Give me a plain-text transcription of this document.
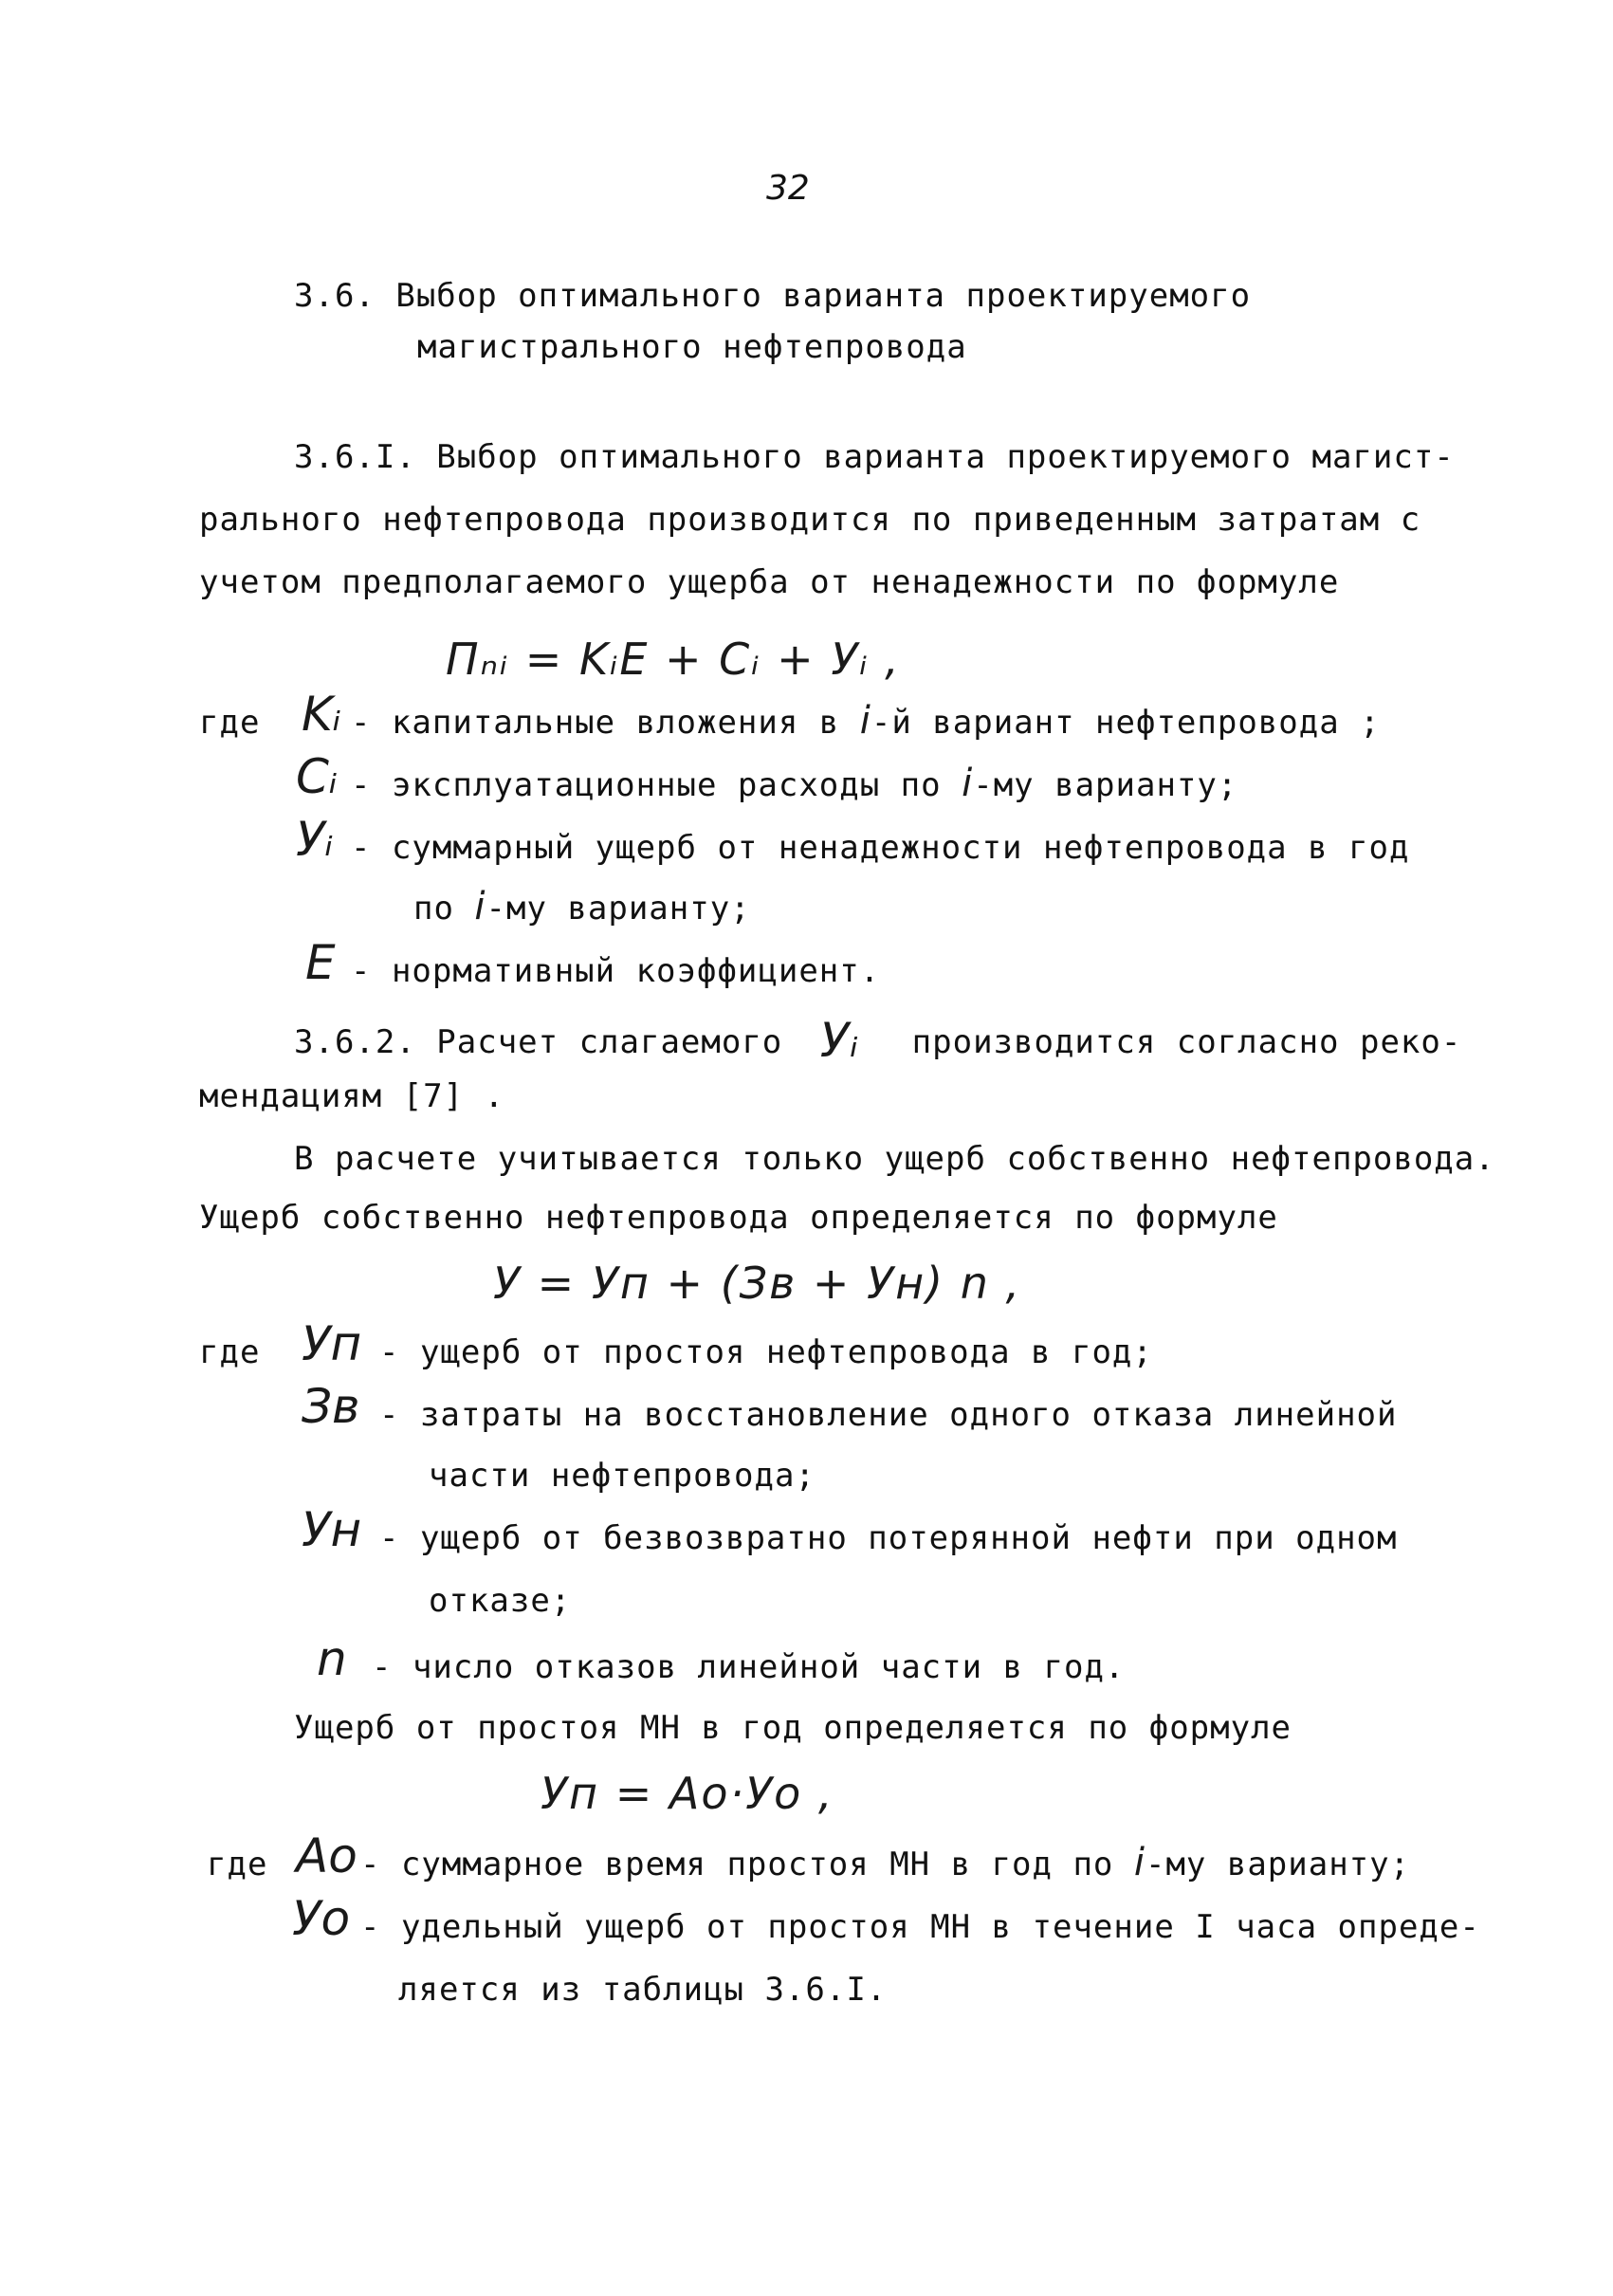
32
3.6. Выбор оптимального варианта проектируемого
магистрального нефтепровода
3.6.I. Выбор оптимального варианта проектируемого магист-
рального нефтепровода производится по приведенным затратам с
учетом предполагаемого ущерба от ненадежности по формуле
Пₙᵢ = KᵢE + Cᵢ + Уᵢ ,
где Kᵢ - капитальные вложения в i-й вариант нефтепровода ;
Cᵢ - эксплуатационные расходы по i-му варианту;
Уᵢ - суммарный ущерб от ненадежности нефтепровода в год
по i-му варианту;
E - нормативный коэффициент.
3.6.2. Расчет слагаемого Уᵢ производится согласно реко-
мендациям [7] .
В расчете учитывается только ущерб собственно нефтепровода.
Ущерб собственно нефтепровода определяется по формуле
У = Уп + (Зв + Ун) n ,
где Уп - ущерб от простоя нефтепровода в год;
Зв - затраты на восстановление одного отказа линейной
части нефтепровода;
Ун - ущерб от безвозвратно потерянной нефти при одном
отказе;
n - число отказов линейной части в год.
Ущерб от простоя МН в год определяется по формуле
Уп = Aо·Уо ,
где Aо - суммарное время простоя МН в год по i-му варианту;
Уо - удельный ущерб от простоя МН в течение I часа опреде-
ляется из таблицы 3.6.I.
